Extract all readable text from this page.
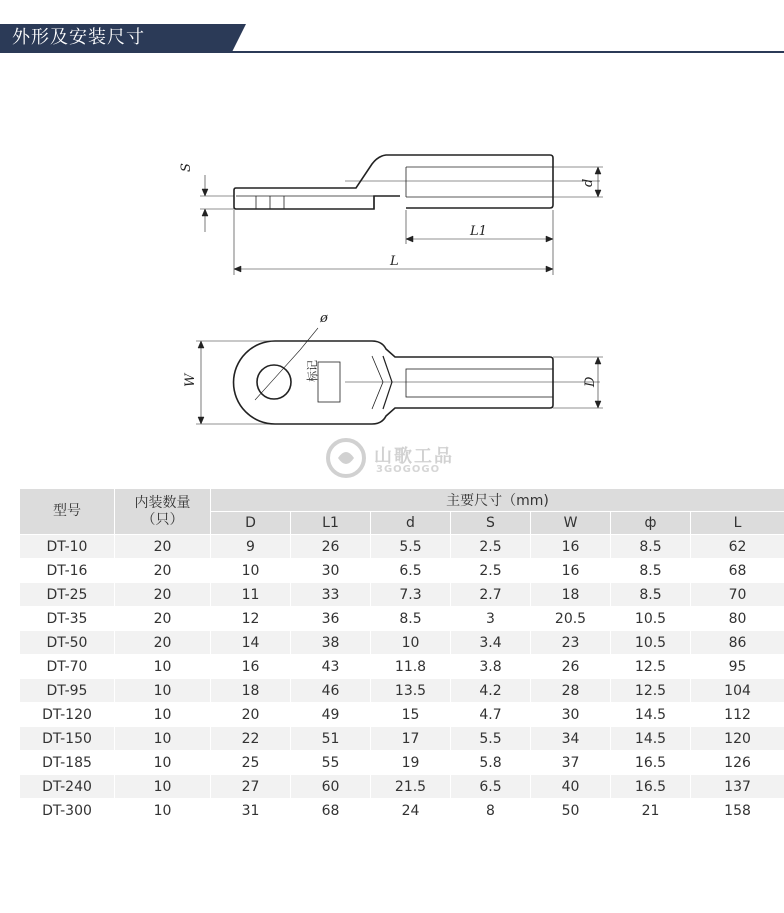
外形及安装尺寸
S
d
L1
L
ø
W	D
标记
山歌工品
3GOGOGO
型号	内装数量
（只）	主要尺寸（mm)						
		D	L1	d	S	W	ф	L
DT-10	20	9	26	5.5	2.5	16	8.5	62
DT-16	20	10	30	6.5	2.5	16	8.5	68
DT-25	20	11	33	7.3	2.7	18	8.5	70
DT-35	20	12	36	8.5	3	20.5	10.5	80
DT-50	20	14	38	10	3.4	23	10.5	86
DT-70	10	16	43	11.8	3.8	26	12.5	95
DT-95	10	18	46	13.5	4.2	28	12.5	104
DT-120	10	20	49	15	4.7	30	14.5	112
DT-150	10	22	51	17	5.5	34	14.5	120
DT-185	10	25	55	19	5.8	37	16.5	126
DT-240	10	27	60	21.5	6.5	40	16.5	137
DT-300	10	31	68	24	8	50	21	158
